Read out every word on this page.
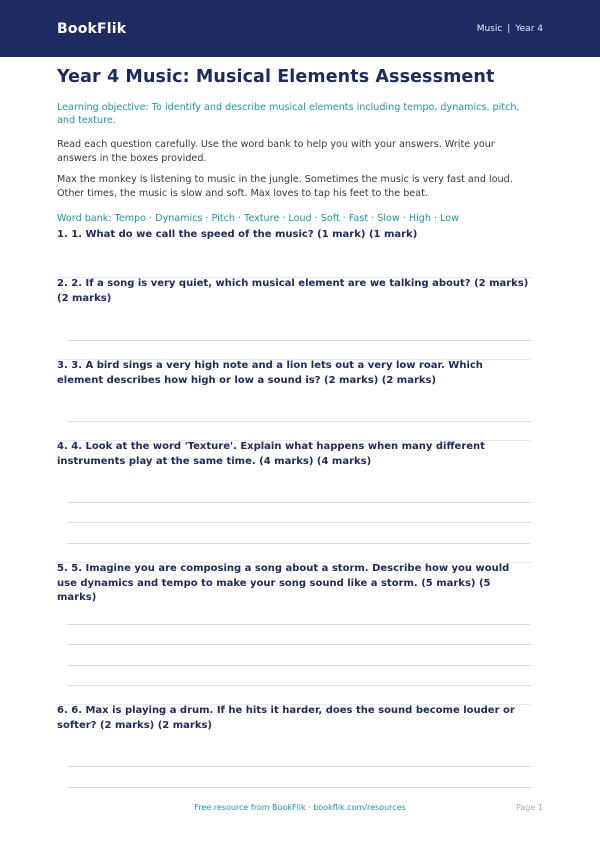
BookFlik	Music | Year 4
Year 4 Music: Musical Elements Assessment
Learning objective: To identify and describe musical elements including tempo, dynamics, pitch, and texture.
Read each question carefully. Use the word bank to help you with your answers. Write your answers in the boxes provided.
Max the monkey is listening to music in the jungle. Sometimes the music is very fast and loud. Other times, the music is slow and soft. Max loves to tap his feet to the beat.
Word bank: Tempo · Dynamics · Pitch · Texture · Loud · Soft · Fast · Slow · High · Low
1. 1. What do we call the speed of the music? (1 mark) (1 mark)
2. 2. If a song is very quiet, which musical element are we talking about? (2 marks) (2 marks)
3. 3. A bird sings a very high note and a lion lets out a very low roar. Which element describes how high or low a sound is? (2 marks) (2 marks)
4. 4. Look at the word 'Texture'. Explain what happens when many different instruments play at the same time. (4 marks) (4 marks)
5. 5. Imagine you are composing a song about a storm. Describe how you would use dynamics and tempo to make your song sound like a storm. (5 marks) (5 marks)
6. 6. Max is playing a drum. If he hits it harder, does the sound become louder or softer? (2 marks) (2 marks)
Free resource from BookFlik · bookflik.com/resources	Page 1
